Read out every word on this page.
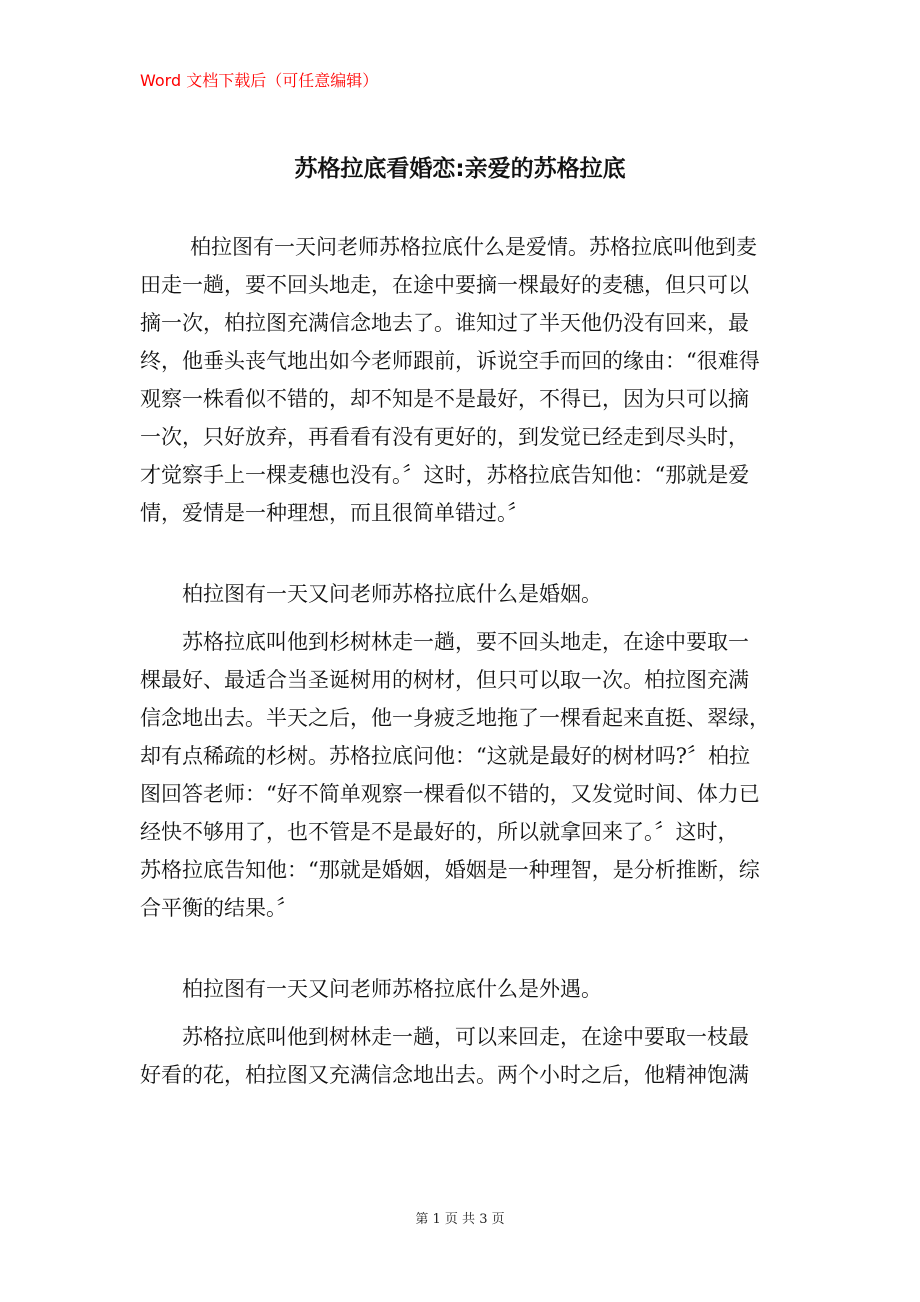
Word 文档下载后（可任意编辑）
苏格拉底看婚恋:亲爱的苏格拉底
柏拉图有一天问老师苏格拉底什么是爱情。苏格拉底叫他到麦
田走一趟，要不回头地走，在途中要摘一棵最好的麦穗，但只可以
摘一次，柏拉图充满信念地去了。谁知过了半天他仍没有回来，最
终，他垂头丧气地出如今老师跟前，诉说空手而回的缘由：“很难得
观察一株看似不错的，却不知是不是最好，不得已，因为只可以摘
一次，只好放弃，再看看有没有更好的，到发觉已经走到尽头时，
才觉察手上一棵麦穗也没有。〞这时，苏格拉底告知他：“那就是爱
情，爱情是一种理想，而且很简单错过。〞
柏拉图有一天又问老师苏格拉底什么是婚姻。
苏格拉底叫他到杉树林走一趟，要不回头地走，在途中要取一
棵最好、最适合当圣诞树用的树材，但只可以取一次。柏拉图充满
信念地出去。半天之后，他一身疲乏地拖了一棵看起来直挺、翠绿，
却有点稀疏的杉树。苏格拉底问他：“这就是最好的树材吗?〞柏拉
图回答老师：“好不简单观察一棵看似不错的，又发觉时间、体力已
经快不够用了，也不管是不是最好的，所以就拿回来了。〞这时，
苏格拉底告知他：“那就是婚姻，婚姻是一种理智，是分析推断，综
合平衡的结果。〞
柏拉图有一天又问老师苏格拉底什么是外遇。
苏格拉底叫他到树林走一趟，可以来回走，在途中要取一枝最
好看的花，柏拉图又充满信念地出去。两个小时之后，他精神饱满
第 1 页 共 3 页
